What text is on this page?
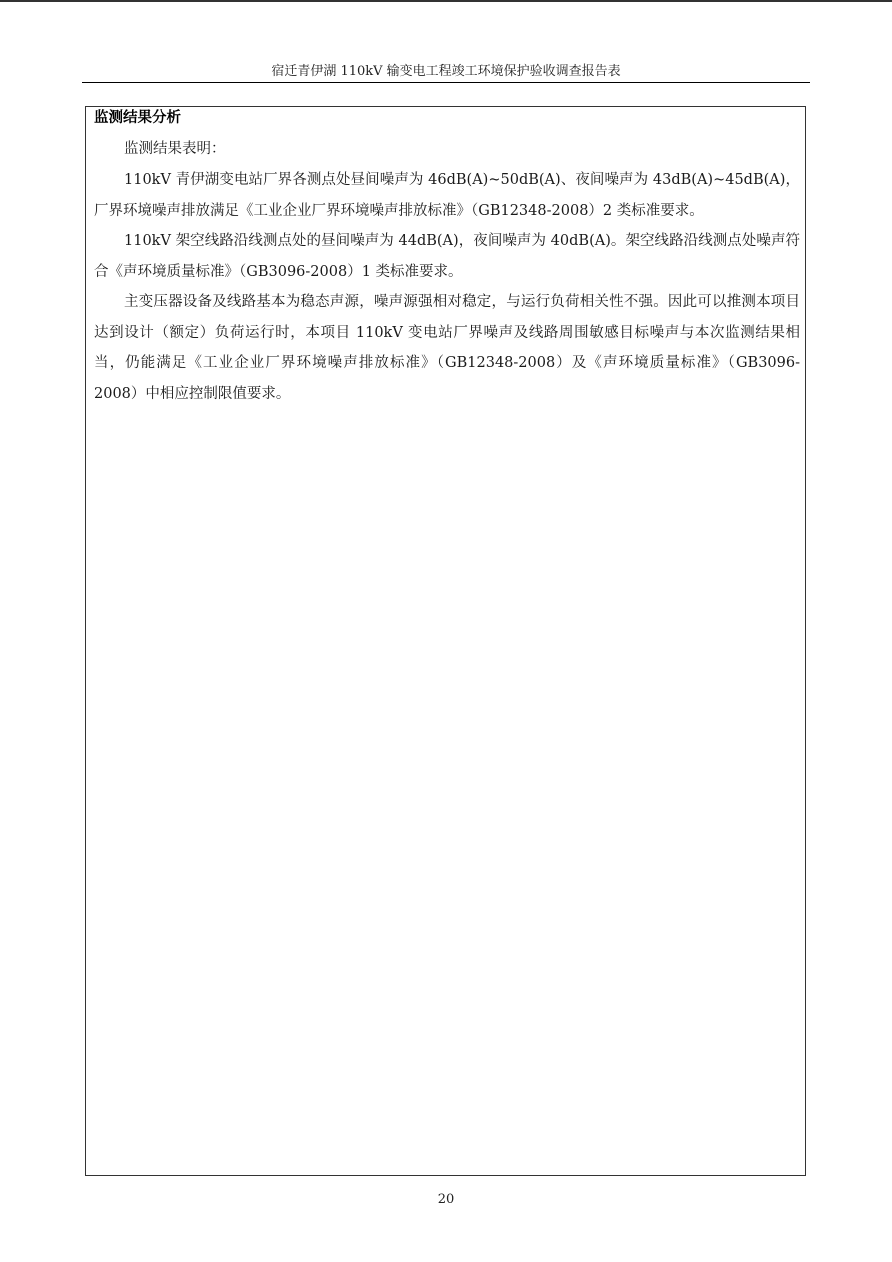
宿迁青伊湖 110kV 输变电工程竣工环境保护验收调查报告表
监测结果分析

监测结果表明：

110kV 青伊湖变电站厂界各测点处昼间噪声为 46dB(A)~50dB(A)、夜间噪声为 43dB(A)~45dB(A)，厂界环境噪声排放满足《工业企业厂界环境噪声排放标准》（GB12348-2008）2 类标准要求。

110kV 架空线路沿线测点处的昼间噪声为 44dB(A)，夜间噪声为 40dB(A)。架空线路沿线测点处噪声符合《声环境质量标准》（GB3096-2008）1 类标准要求。

主变压器设备及线路基本为稳态声源，噪声源强相对稳定，与运行负荷相关性不强。因此可以推测本项目达到设计（额定）负荷运行时，本项目 110kV 变电站厂界噪声及线路周围敏感目标噪声与本次监测结果相当，仍能满足《工业企业厂界环境噪声排放标准》（GB12348-2008）及《声环境质量标准》（GB3096-2008）中相应控制限值要求。

20
